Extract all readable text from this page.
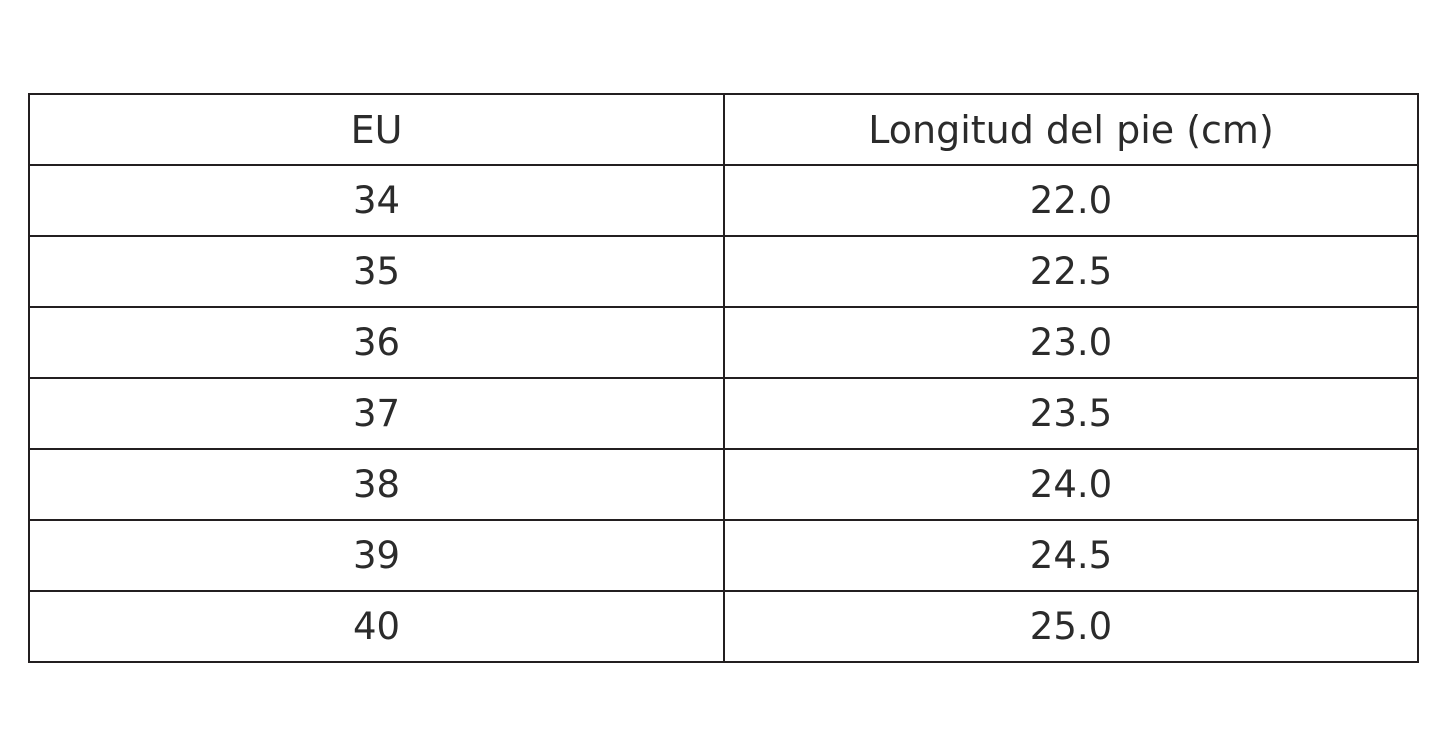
EU	Longitud del pie (cm)
34	22.0
35	22.5
36	23.0
37	23.5
38	24.0
39	24.5
40	25.0
